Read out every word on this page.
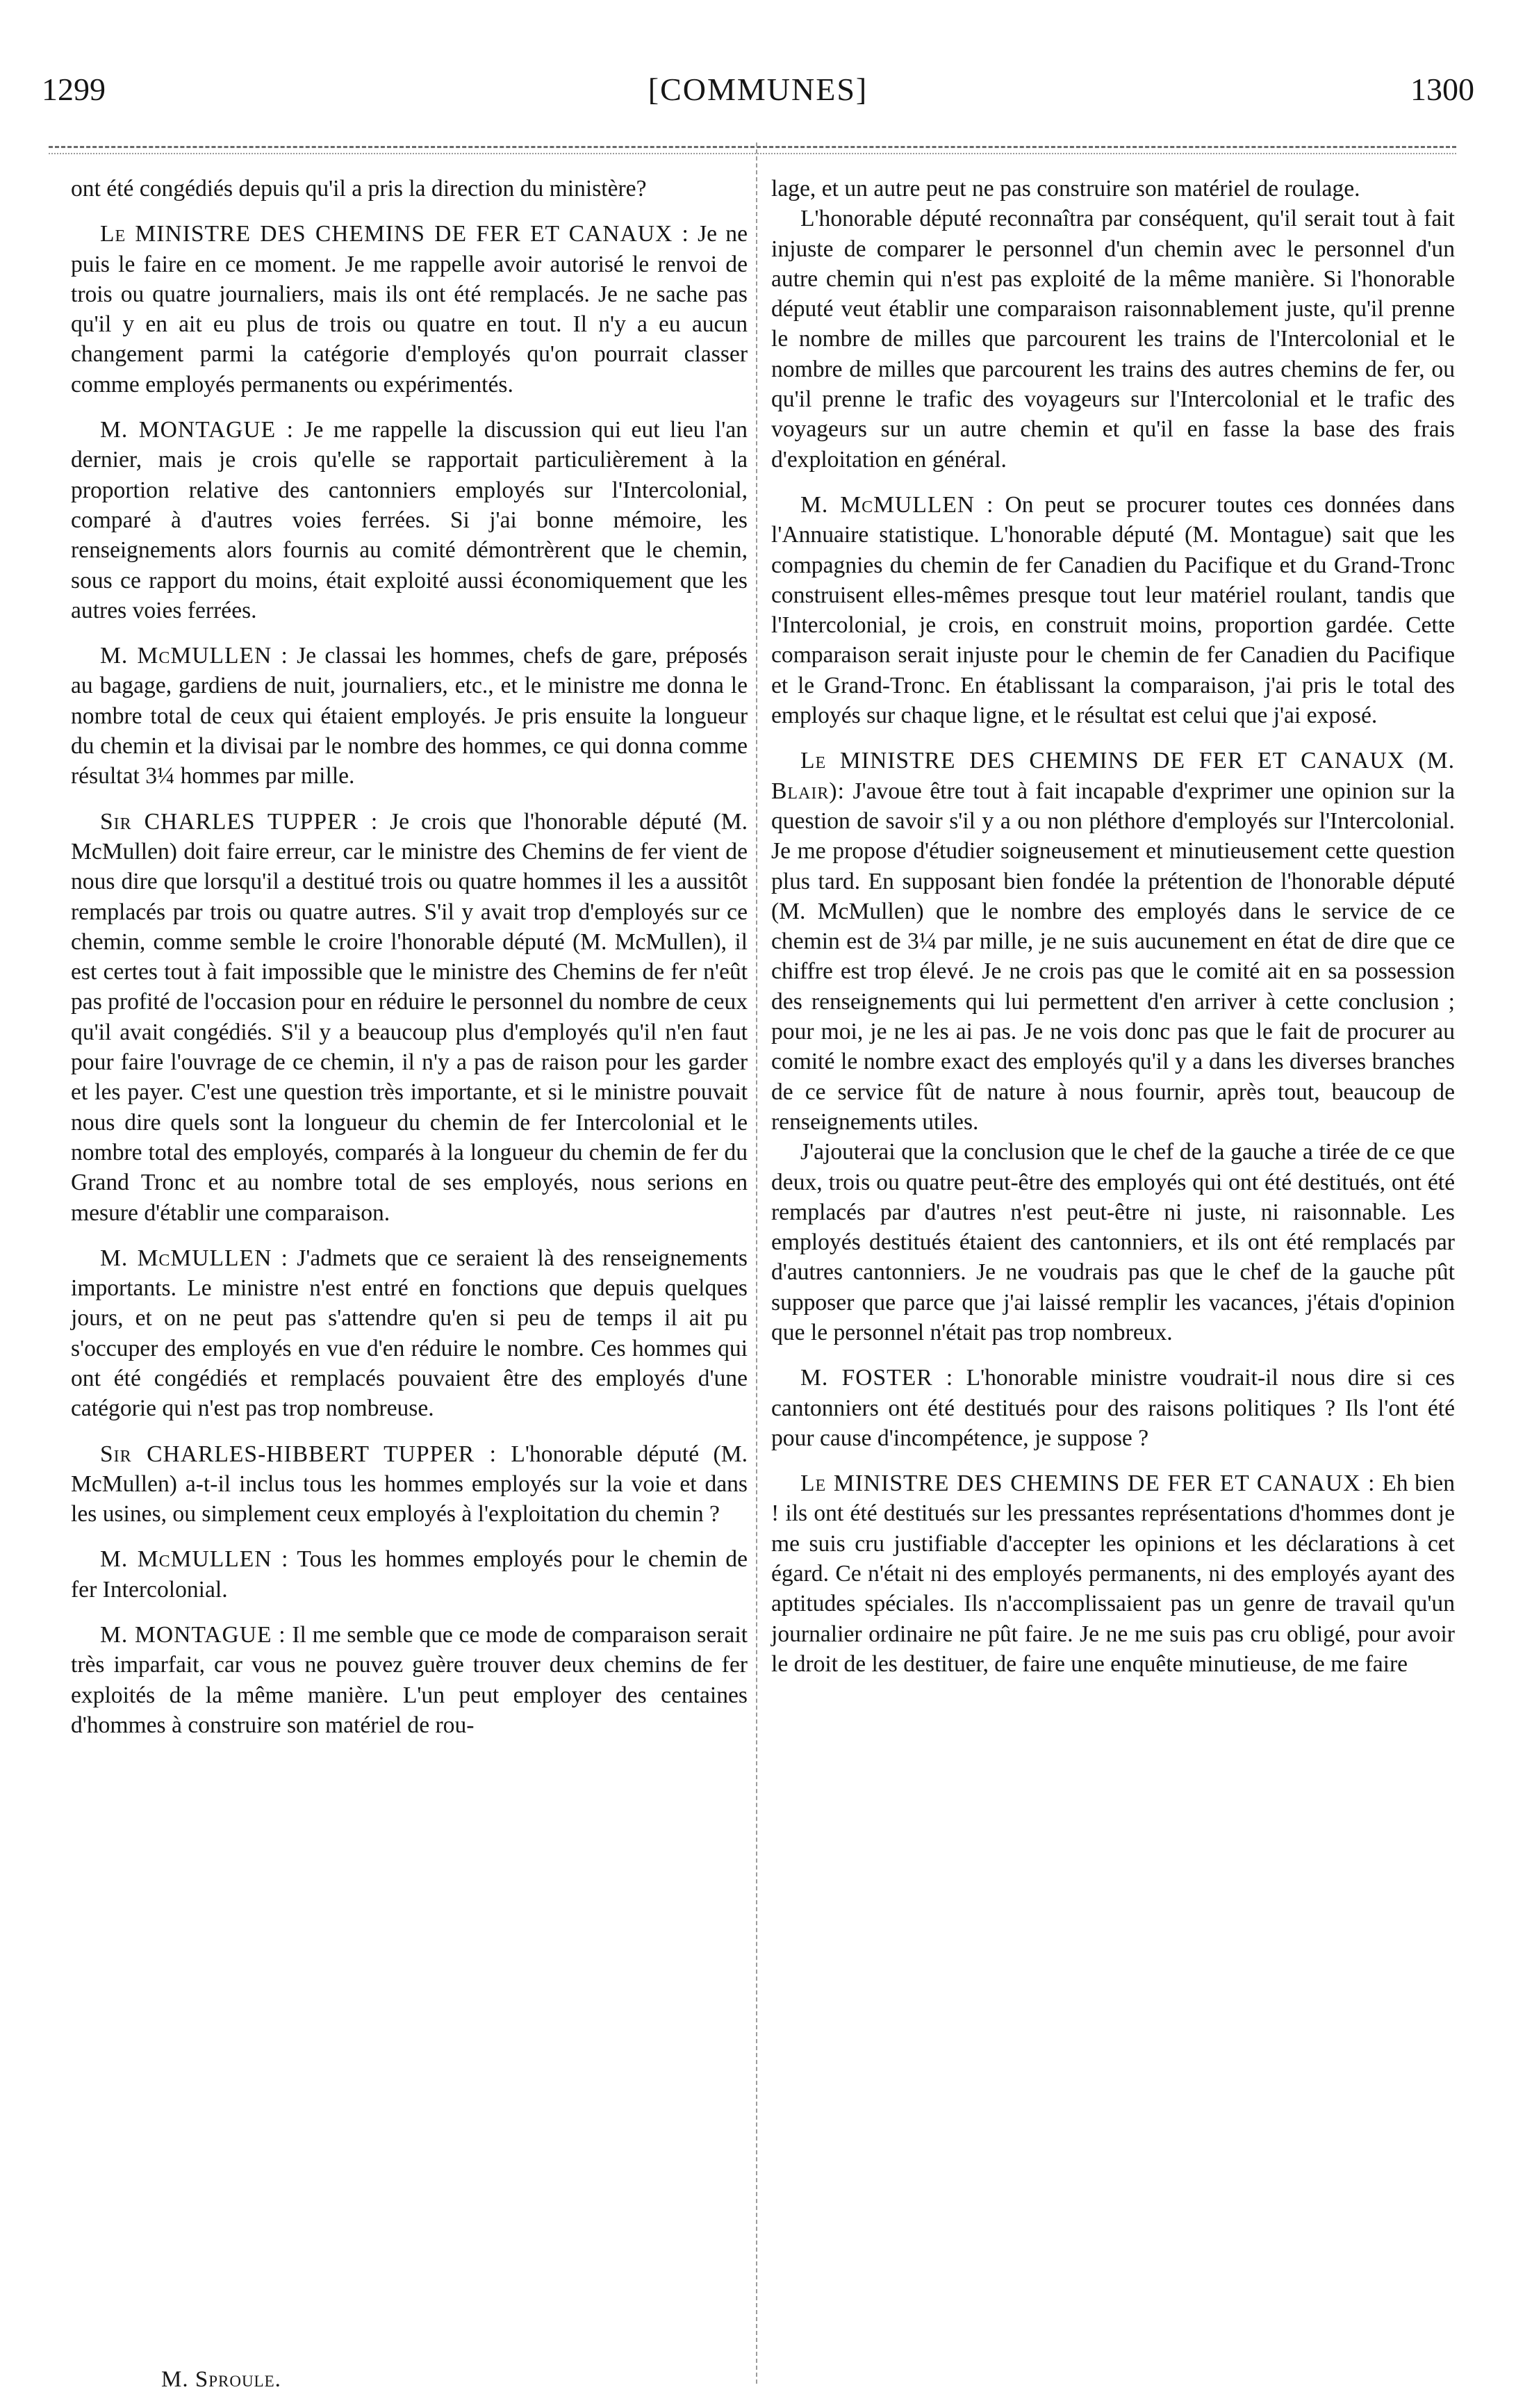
1299	[COMMUNES]	1300

ont été congédiés depuis qu'il a pris la direction du ministère?

Le MINISTRE DES CHEMINS DE FER ET CANAUX : Je ne puis le faire en ce moment. Je me rappelle avoir autorisé le renvoi de trois ou quatre journaliers, mais ils ont été remplacés. Je ne sache pas qu'il y en ait eu plus de trois ou quatre en tout. Il n'y a eu aucun changement parmi la catégorie d'employés qu'on pourrait classer comme employés permanents ou expérimentés.

M. MONTAGUE : Je me rappelle la discussion qui eut lieu l'an dernier, mais je crois qu'elle se rapportait particulièrement à la proportion relative des cantonniers employés sur l'Intercolonial, comparé à d'autres voies ferrées. Si j'ai bonne mémoire, les renseignements alors fournis au comité démontrèrent que le chemin, sous ce rapport du moins, était exploité aussi économiquement que les autres voies ferrées.

M. McMULLEN : Je classai les hommes, chefs de gare, préposés au bagage, gardiens de nuit, journaliers, etc., et le ministre me donna le nombre total de ceux qui étaient employés. Je pris ensuite la longueur du chemin et la divisai par le nombre des hommes, ce qui donna comme résultat 3¼ hommes par mille.

Sir CHARLES TUPPER : Je crois que l'honorable député (M. McMullen) doit faire erreur, car le ministre des Chemins de fer vient de nous dire que lorsqu'il a destitué trois ou quatre hommes il les a aussitôt remplacés par trois ou quatre autres. S'il y avait trop d'employés sur ce chemin, comme semble le croire l'honorable député (M. McMullen), il est certes tout à fait impossible que le ministre des Chemins de fer n'eût pas profité de l'occasion pour en réduire le personnel du nombre de ceux qu'il avait congédiés. S'il y a beaucoup plus d'employés qu'il n'en faut pour faire l'ouvrage de ce chemin, il n'y a pas de raison pour les garder et les payer. C'est une question très importante, et si le ministre pouvait nous dire quels sont la longueur du chemin de fer Intercolonial et le nombre total des employés, comparés à la longueur du chemin de fer du Grand Tronc et au nombre total de ses employés, nous serions en mesure d'établir une comparaison.

M. McMULLEN : J'admets que ce seraient là des renseignements importants. Le ministre n'est entré en fonctions que depuis quelques jours, et on ne peut pas s'attendre qu'en si peu de temps il ait pu s'occuper des employés en vue d'en réduire le nombre. Ces hommes qui ont été congédiés et remplacés pouvaient être des employés d'une catégorie qui n'est pas trop nombreuse.

Sir CHARLES-HIBBERT TUPPER : L'honorable député (M. McMullen) a-t-il inclus tous les hommes employés sur la voie et dans les usines, ou simplement ceux employés à l'exploitation du chemin ?

M. McMULLEN : Tous les hommes employés pour le chemin de fer Intercolonial.

M. MONTAGUE : Il me semble que ce mode de comparaison serait très imparfait, car vous ne pouvez guère trouver deux chemins de fer exploités de la même manière. L'un peut employer des centaines d'hommes à construire son matériel de rou-

lage, et un autre peut ne pas construire son matériel de roulage.

L'honorable député reconnaîtra par conséquent, qu'il serait tout à fait injuste de comparer le personnel d'un chemin avec le personnel d'un autre chemin qui n'est pas exploité de la même manière. Si l'honorable député veut établir une comparaison raisonnablement juste, qu'il prenne le nombre de milles que parcourent les trains de l'Intercolonial et le nombre de milles que parcourent les trains des autres chemins de fer, ou qu'il prenne le trafic des voyageurs sur l'Intercolonial et le trafic des voyageurs sur un autre chemin et qu'il en fasse la base des frais d'exploitation en général.

M. McMULLEN : On peut se procurer toutes ces données dans l'Annuaire statistique. L'honorable député (M. Montague) sait que les compagnies du chemin de fer Canadien du Pacifique et du Grand-Tronc construisent elles-mêmes presque tout leur matériel roulant, tandis que l'Intercolonial, je crois, en construit moins, proportion gardée. Cette comparaison serait injuste pour le chemin de fer Canadien du Pacifique et le Grand-Tronc. En établissant la comparaison, j'ai pris le total des employés sur chaque ligne, et le résultat est celui que j'ai exposé.

Le MINISTRE DES CHEMINS DE FER ET CANAUX (M. Blair): J'avoue être tout à fait incapable d'exprimer une opinion sur la question de savoir s'il y a ou non pléthore d'employés sur l'Intercolonial. Je me propose d'étudier soigneusement et minutieusement cette question plus tard. En supposant bien fondée la prétention de l'honorable député (M. McMullen) que le nombre des employés dans le service de ce chemin est de 3¼ par mille, je ne suis aucunement en état de dire que ce chiffre est trop élevé. Je ne crois pas que le comité ait en sa possession des renseignements qui lui permettent d'en arriver à cette conclusion ; pour moi, je ne les ai pas. Je ne vois donc pas que le fait de procurer au comité le nombre exact des employés qu'il y a dans les diverses branches de ce service fût de nature à nous fournir, après tout, beaucoup de renseignements utiles.

J'ajouterai que la conclusion que le chef de la gauche a tirée de ce que deux, trois ou quatre peut-être des employés qui ont été destitués, ont été remplacés par d'autres n'est peut-être ni juste, ni raisonnable. Les employés destitués étaient des cantonniers, et ils ont été remplacés par d'autres cantonniers. Je ne voudrais pas que le chef de la gauche pût supposer que parce que j'ai laissé remplir les vacances, j'étais d'opinion que le personnel n'était pas trop nombreux.

M. FOSTER : L'honorable ministre voudrait-il nous dire si ces cantonniers ont été destitués pour des raisons politiques ? Ils l'ont été pour cause d'incompétence, je suppose ?

Le MINISTRE DES CHEMINS DE FER ET CANAUX : Eh bien ! ils ont été destitués sur les pressantes représentations d'hommes dont je me suis cru justifiable d'accepter les opinions et les déclarations à cet égard. Ce n'était ni des employés permanents, ni des employés ayant des aptitudes spéciales. Ils n'accomplissaient pas un genre de travail qu'un journalier ordinaire ne pût faire. Je ne me suis pas cru obligé, pour avoir le droit de les destituer, de faire une enquête minutieuse, de me faire

M. Sproule.
